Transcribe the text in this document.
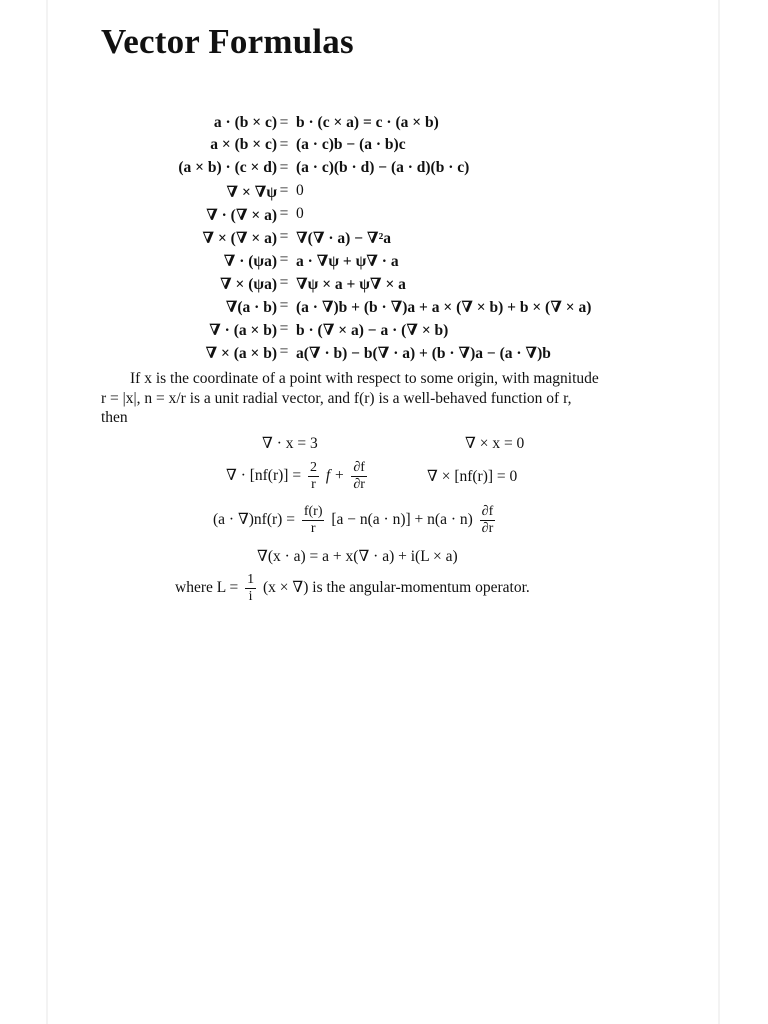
Vector Formulas
a · (b × c) = b · (c × a) = c · (a × b)
a × (b × c) = (a · c)b − (a · b)c
(a × b) · (c × d) = (a · c)(b · d) − (a · d)(b · c)
∇ × ∇ψ = 0
∇ · (∇ × a) = 0
∇ × (∇ × a) = ∇(∇ · a) − ∇²a
∇ · (ψa) = a · ∇ψ + ψ∇ · a
∇ × (ψa) = ∇ψ × a + ψ∇ × a
∇(a · b) = (a · ∇)b + (b · ∇)a + a × (∇ × b) + b × (∇ × a)
∇ · (a × b) = b · (∇ × a) − a · (∇ × b)
∇ × (a × b) = a(∇ · b) − b(∇ · a) + (b · ∇)a − (a · ∇)b

If x is the coordinate of a point with respect to some origin, with magnitude

r = |x|, n = x/r is a unit radial vector, and f(r) is a well-behaved function of r,

then

∇ · x = 3	∇ × x = 0
∇ · $[nf(r)] = \frac{2}{r}$ $f + \frac{\partial f}{\partial r}$	∇ × [nf(r)] = 0
$(a \cdot \nabla)nf(r) = \frac{f(r)}{r} [a - n(a \cdot n)] + n(a \cdot n) \frac{\partial f}{\partial r}$
∇(x · a) = a + x(∇ · a) + i(L × a)
where $L = \frac{1}{i} (x$ × ∇) is the angular-momentum operator.
